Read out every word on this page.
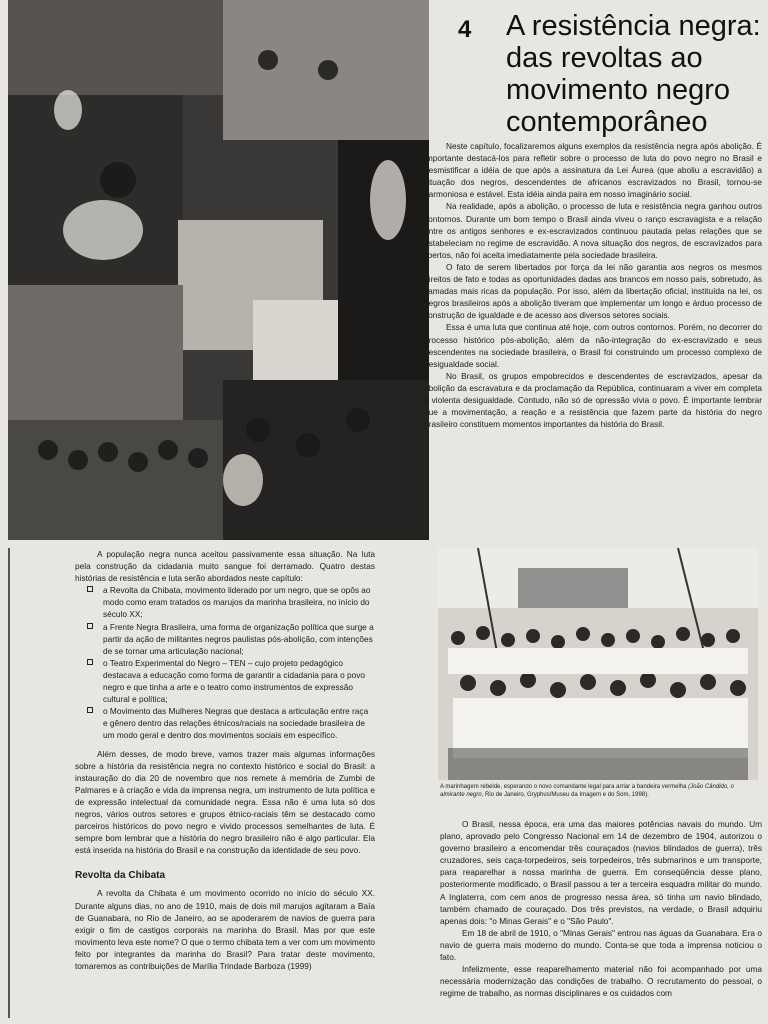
4 A resistência negra: das revoltas ao movimento negro contemporâneo

Neste capítulo, focalizaremos alguns exemplos da resistência negra após abolição. É importante destacá-los para refletir sobre o processo de luta do povo negro no Brasil e desmistificar a idéia de que após a assinatura da Lei Áurea (que aboliu a escravidão) a situação dos negros, descendentes de africanos escravizados no Brasil, tornou-se harmoniosa e estável. Esta idéia ainda paira em nosso imaginário social.

Na realidade, após a abolição, o processo de luta e resistência negra ganhou outros contornos. Durante um bom tempo o Brasil ainda viveu o ranço escravagista e a relação entre os antigos senhores e ex-escravizados continuou pautada pelas relações que se estabeleciam no regime de escravidão. A nova situação dos negros, de escravizados para libertos, não foi aceita imediatamente pela sociedade brasileira.

O fato de serem libertados por força da lei não garantia aos negros os mesmos direitos de fato e todas as oportunidades dadas aos brancos em nosso país, sobretudo, às camadas mais ricas da população. Por isso, além da libertação oficial, instituída na lei, os negros brasileiros após a abolição tiveram que implementar um longo e árduo processo de construção de igualdade e de acesso aos diversos setores sociais.

Essa é uma luta que continua até hoje, com outros contornos. Porém, no decorrer do processo histórico pós-abolição, além da não-integração do ex-escravizado e seus descendentes na sociedade brasileira, o Brasil foi construindo um processo complexo de desigualdade social.

No Brasil, os grupos empobrecidos e descendentes de escravizados, apesar da abolição da escravatura e da proclamação da República, continuaram a viver em completa e violenta desigualdade. Contudo, não só de opressão vivia o povo. É importante lembrar que a movimentação, a reação e a resistência que fazem parte da história do negro brasileiro constituem momentos importantes da história do Brasil.

A população negra nunca aceitou passivamente essa situação. Na luta pela construção da cidadania muito sangue foi derramado. Quatro destas histórias de resistência e luta serão abordados neste capítulo:

a Revolta da Chibata, movimento liderado por um negro, que se opôs ao modo como eram tratados os marujos da marinha brasileira, no início do século XX;
a Frente Negra Brasileira, uma forma de organização política que surge a partir da ação de militantes negros paulistas pós-abolição, com intenções de se tornar uma articulação nacional;
o Teatro Experimental do Negro – TEN – cujo projeto pedagógico destacava a educação como forma de garantir a cidadania para o povo negro e que tinha a arte e o teatro como instrumentos de expressão cultural e política;
o Movimento das Mulheres Negras que destaca a articulação entre raça e gênero dentro das relações étnicos/raciais na sociedade brasileira de um modo geral e dentro dos movimentos sociais em específico.

Além desses, de modo breve, vamos trazer mais algumas informações sobre a história da resistência negra no contexto histórico e social do Brasil: a instauração do dia 20 de novembro que nos remete à memória de Zumbi de Palmares e à criação e vida da imprensa negra, um instrumento de luta política e de expressão intelectual da comunidade negra. Essa não é uma luta só dos negros, vários outros setores e grupos étnico-raciais têm se destacado como parceiros históricos do povo negro e vivido processos semelhantes de luta. É sempre bom lembrar que a história do negro brasileiro não é algo particular. Ela está inserida na história do Brasil e na construção da identidade de seu povo.

Revolta da Chibata

A revolta da Chibata é um movimento ocorrido no início do século XX. Durante alguns dias, no ano de 1910, mais de dois mil marujos agitaram a Baía de Guanabara, no Rio de Janeiro, ao se apoderarem de navios de guerra para exigir o fim de castigos corporais na marinha do Brasil. Mas por que este movimento leva este nome? O que o termo chibata tem a ver com um movimento feito por integrantes da marinha do Brasil? Para tratar deste movimento, tomaremos as contribuições de Marília Trindade Barboza (1999)

A marinhagem rebelde, esperando o novo comandante legal para arriar a bandeira vermelha (João Cândido, o almirante negro, Rio de Janeiro, Gryphus/Museu da Imagem e do Som, 1998).

O Brasil, nessa época, era uma das maiores potências navais do mundo. Um plano, aprovado pelo Congresso Nacional em 14 de dezembro de 1904, autorizou o governo brasileiro a encomendar três couraçados (navios blindados de guerra), três cruzadores, seis caça-torpedeiros, seis torpedeiros, três submarinos e um transporte, para reaparelhar a nossa marinha de guerra. Em conseqüência desse plano, posteriormente modificado, o Brasil passou a ter a terceira esquadra militar do mundo. A Inglaterra, com cem anos de progresso nessa área, só tinha um navio blindado, também chamado de couraçado. Dos três previstos, na verdade, o Brasil adquiriu apenas dois: "o Minas Gerais" e o "São Paulo".

Em 18 de abril de 1910, o "Minas Gerais" entrou nas águas da Guanabara. Era o navio de guerra mais moderno do mundo. Conta-se que toda a imprensa noticiou o fato.

Infelizmente, esse reaparelhamento material não foi acompanhado por uma necessária modernização das condições de trabalho. O recrutamento do pessoal, o regime de trabalho, as normas disciplinares e os cuidados com
